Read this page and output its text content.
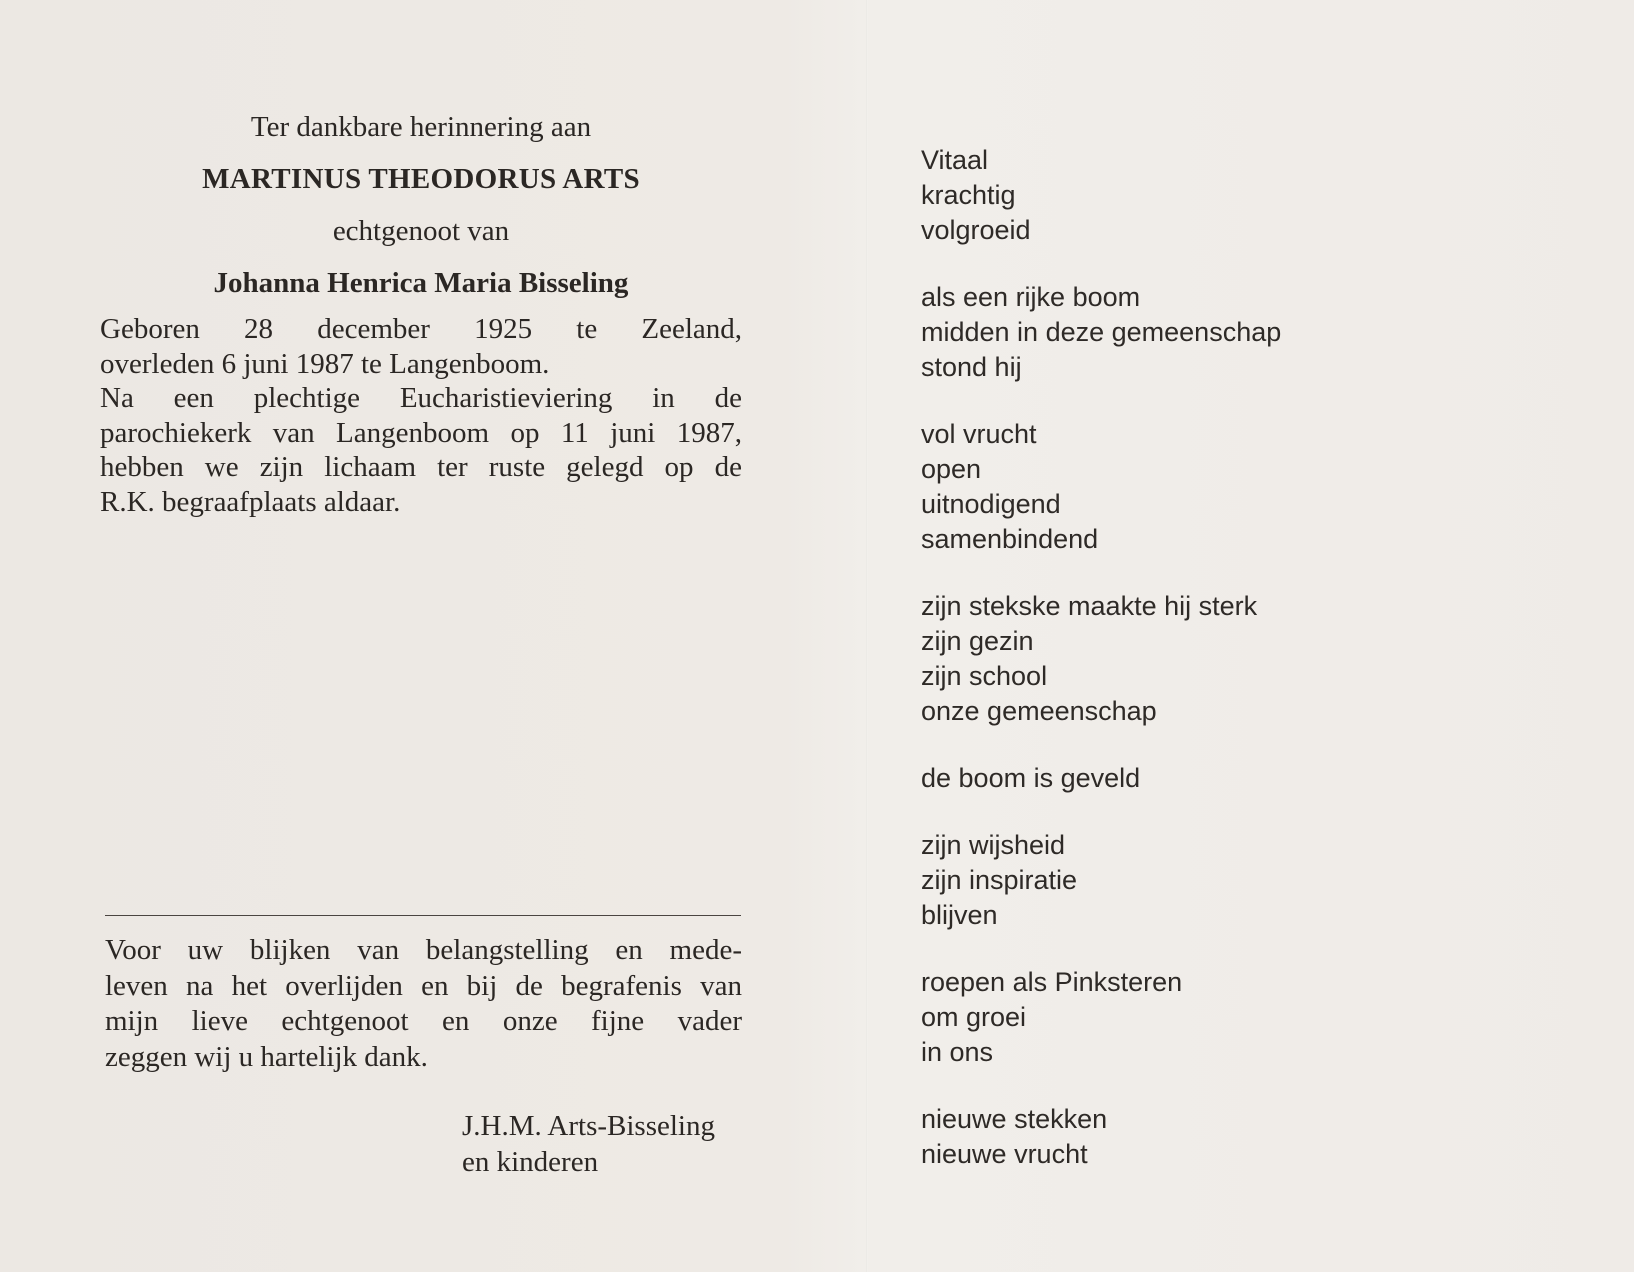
Ter dankbare herinnering aan
MARTINUS THEODORUS ARTS
echtgenoot van
Johanna Henrica Maria Bisseling
Geboren 28 december 1925 te Zeeland,
overleden 6 juni 1987 te Langenboom.
Na een plechtige Eucharistieviering in de
parochiekerk van Langenboom op 11 juni 1987,
hebben we zijn lichaam ter ruste gelegd op de
R.K. begraafplaats aldaar.
Voor uw blijken van belangstelling en mede-
leven na het overlijden en bij de begrafenis van
mijn lieve echtgenoot en onze fijne vader
zeggen wij u hartelijk dank.
J.H.M. Arts-Bisseling
en kinderen
Vitaal
krachtig
volgroeid
als een rijke boom
midden in deze gemeenschap
stond hij
vol vrucht
open
uitnodigend
samenbindend
zijn stekske maakte hij sterk
zijn gezin
zijn school
onze gemeenschap
de boom is geveld
zijn wijsheid
zijn inspiratie
blijven
roepen als Pinksteren
om groei
in ons
nieuwe stekken
nieuwe vrucht
